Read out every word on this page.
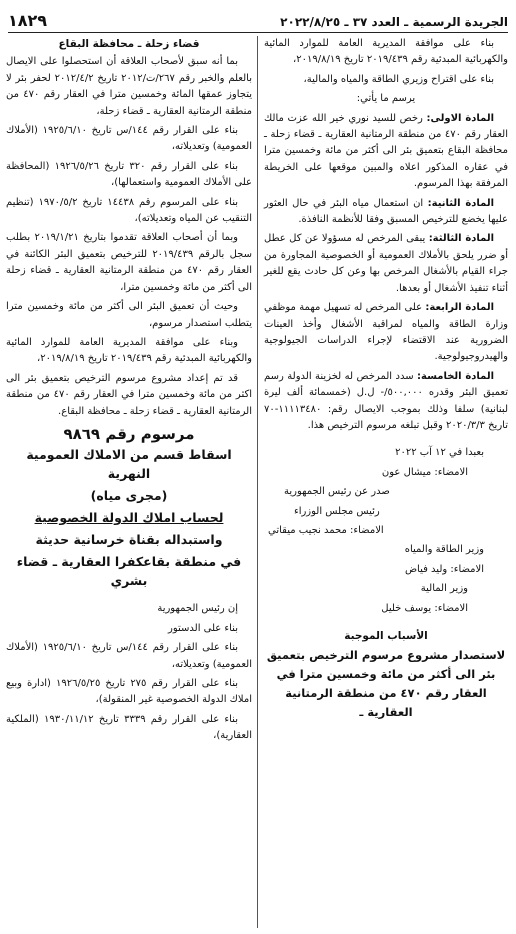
الجريدة الرسمية ـ العدد ٣٧ ـ ٢٠٢٢/٨/٢٥
١٨٢٩

بناء على موافقة المديرية العامة للموارد المائية والكهربائية المبدئية رقم ٢٠١٩/٤٣٩ تاريخ ٢٠١٩/٨/١٩،

بناء على اقتراح وزيري الطاقة والمياه والمالية،

يرسم ما يأتي:

المادة الاولى: رخص للسيد نوري خير الله عزت مالك العقار رقم ٤٧٠ من منطقة الرمتانية العقارية ـ قضاء زحلة ـ محافظة البقاع بتعميق بئر الى أكثر من مائة وخمسين مترا في عقاره المذكور اعلاه والمبين موقعها على الخريطة المرفقة بهذا المرسوم.

المادة الثانية: ان استعمال مياه البئر في حال العثور عليها يخضع للترخيص المسبق وفقا للأنظمة النافذة.

المادة الثالثة: يبقى المرخص له مسؤولا عن كل عطل أو ضرر يلحق بالأملاك العمومية أو الخصوصية المجاورة من جراء القيام بالأشغال المرخص بها وعن كل حادث يقع للغير أثناء تنفيذ الأشغال أو بعدها.

المادة الرابعة: على المرخص له تسهيل مهمة موظفي وزارة الطاقة والمياه لمراقبة الأشغال وأخذ العينات الضرورية عند الاقتضاء لإجراء الدراسات الجيولوجية والهيدروجيولوجية.

المادة الخامسة: سدد المرخص له لخزينة الدولة رسم تعميق البئر وقدره ٥٠٠,٠٠٠/- ل.ل (خمسمائة ألف ليرة لبنانية) سلفا وذلك بموجب الايصال رقم: ١١١١٣٤٨٠-٧٠ تاريخ ٢٠٢٠/٣/٣ وقبل تبلغه مرسوم الترخيص هذا.

بعبدا في ١٢ آب ٢٠٢٢

الامضاء: ميشال عون

صدر عن رئيس الجمهورية

رئيس مجلس الوزراء

الامضاء: محمد نجيب ميقاتي

وزير الطاقة والمياه

الامضاء: وليد فياض

وزير المالية

الامضاء: يوسف خليل

الأسباب الموجبة

لاستصدار مشروع مرسوم الترخيص بتعميق بئر الى أكثر من مائة وخمسين مترا في العقار رقم ٤٧٠ من منطقة الرمتانية العقارية ـ

قضاء زحلة ـ محافظة البقاع

بما أنه سبق لأصحاب العلاقة أن استحصلوا على الايصال بالعلم والخبر رقم ٢٦٧/ت/٢٠١٢ تاريخ ٢٠١٢/٤/٢ لحفر بئر لا يتجاوز عمقها المائة وخمسين مترا في العقار رقم ٤٧٠ من منطقة الرمتانية العقارية ـ قضاء زحلة،

بناء على القرار رقم ١٤٤/س تاريخ ١٩٢٥/٦/١٠ (الأملاك العمومية) وتعديلاته،

بناء على القرار رقم ٣٢٠ تاريخ ١٩٢٦/٥/٢٦ (المحافظة على الأملاك العمومية واستعمالها)،

بناء على المرسوم رقم ١٤٤٣٨ تاريخ ١٩٧٠/٥/٢ (تنظيم التنقيب عن المياه وتعديلاته)،

وبما أن أصحاب العلاقة تقدموا بتاريخ ٢٠١٩/١/٢١ بطلب سجل بالرقم ٢٠١٩/٤٣٩ للترخيص بتعميق البئر الكائنة في العقار رقم ٤٧٠ من منطقة الرمتانية العقارية ـ قضاء زحلة الى أكثر من مائة وخمسين مترا،

وحيث أن تعميق البئر الى أكثر من مائة وخمسين مترا يتطلب استصدار مرسوم،

وبناء على موافقة المديرية العامة للموارد المائية والكهربائية المبدئية رقم ٢٠١٩/٤٣٩ تاريخ ٢٠١٩/٨/١٩،

قد تم إعداد مشروع مرسوم الترخيص بتعميق بئر الى اكثر من مائة وخمسين مترا في العقار رقم ٤٧٠ من منطقة الرمتانية العقارية ـ قضاء زحلة ـ محافظة البقاع.

مرسوم رقم ٩٨٦٩

اسقاط قسم من الاملاك العمومية النهرية

(مجرى مياه)

لحساب املاك الدولة الخصوصية

واستبداله بقناة خرسانية حديثة

في منطقة بقاعكفرا العقارية ـ قضاء بشري

إن رئيس الجمهورية

بناء على الدستور

بناء على القرار رقم ١٤٤/س تاريخ ١٩٢٥/٦/١٠ (الأملاك العمومية) وتعديلاته،

بناء على القرار رقم ٢٧٥ تاريخ ١٩٢٦/٥/٢٥ (ادارة وبيع املاك الدولة الخصوصية غير المنقولة)،

بناء على القرار رقم ٣٣٣٩ تاريخ ١٩٣٠/١١/١٢ (الملكية العقارية)،
